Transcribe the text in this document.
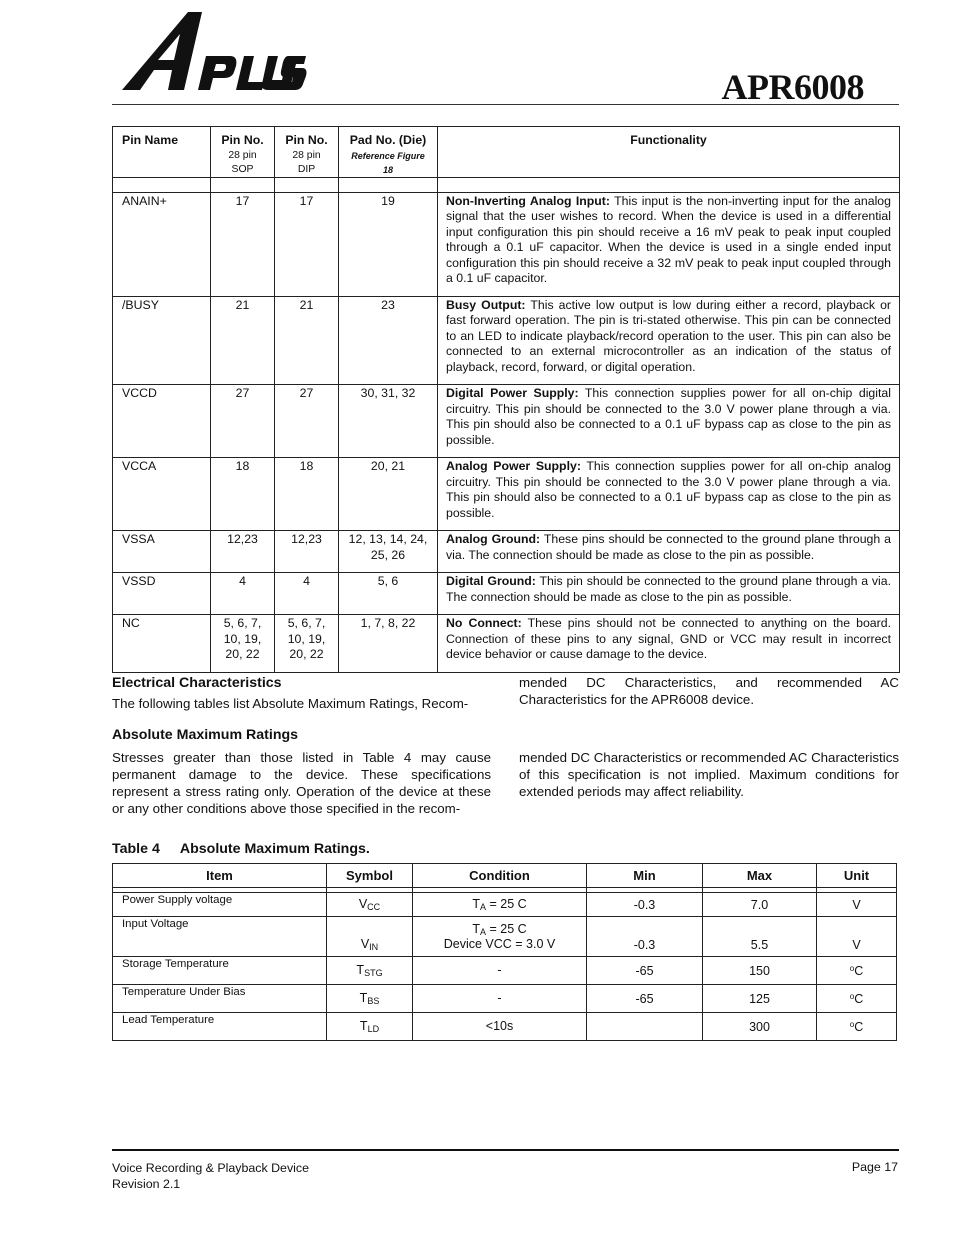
APR6008
Pin Name	Pin No.
28 pin
SOP	Pin No.
28 pin
DIP	Pad No. (Die)
Reference Figure
18	Functionality

ANAIN+	17	17	19	Non-Inverting Analog Input: This input is the non-inverting input for the analog signal that the user wishes to record. When the device is used in a differential input configuration this pin should receive a 16 mV peak to peak input coupled through a 0.1 uF capacitor. When the device is used in a single ended input configuration this pin should receive a 32 mV peak to peak input coupled through a 0.1 uF capacitor.

/BUSY	21	21	23	Busy Output: This active low output is low during either a record, playback or fast forward operation. The pin is tri-stated otherwise. This pin can be connected to an LED to indicate playback/record operation to the user. This pin can also be connected to an external microcontroller as an indication of the status of playback, record, forward, or digital operation.

VCCD	27	27	30, 31, 32	Digital Power Supply: This connection supplies power for all on-chip digital circuitry. This pin should be connected to the 3.0 V power plane through a via. This pin should also be connected to a 0.1 uF bypass cap as close to the pin as possible.

VCCA	18	18	20, 21	Analog Power Supply: This connection supplies power for all on-chip analog circuitry. This pin should be connected to the 3.0 V power plane through a via. This pin should also be connected to a 0.1 uF bypass cap as close to the pin as possible.

VSSA	12,23	12,23	12, 13, 14, 24,
25, 26	Analog Ground: These pins should be connected to the ground plane through a via. The connection should be made as close to the pin as possible.

VSSD	4	4	5, 6	Digital Ground: This pin should be connected to the ground plane through a via. The connection should be made as close to the pin as possible.

NC	5, 6, 7,
10, 19,
20, 22	5, 6, 7,
10, 19,
20, 22	1, 7, 8, 22	No Connect: These pins should not be connected to anything on the board. Connection of these pins to any signal, GND or VCC may result in incorrect device behavior or cause damage to the device.
Electrical Characteristics
The following tables list Absolute Maximum Ratings, Recom-
mended DC Characteristics, and recommended AC Characteristics for the APR6008 device.
Absolute Maximum Ratings
Stresses greater than those listed in Table 4 may cause permanent damage to the device. These specifications represent a stress rating only. Operation of the device at these or any other conditions above those specified in the recom-
mended DC Characteristics or recommended AC Characteristics of this specification is not implied. Maximum conditions for extended periods may affect reliability.
Table 4 Absolute Maximum Ratings.
Item	Symbol	Condition	Min	Max	Unit

Power Supply voltage	$V_{CC}$	$T_A = 25$ C	-0.3	7.0	V
Input Voltage	$V_{IN}$	$T_A = 25$ C
Device VCC = 3.0 V	-0.3	5.5	V
Storage Temperature	$T_{STG}$	-	-65	150	$^o$C
Temperature Under Bias	$T_{BS}$	-	-65	125	$^o$C
Lead Temperature	$T_{LD}$	<10s		300	$^o$C
Voice Recording & Playback Device
Revision 2.1
Page 17
